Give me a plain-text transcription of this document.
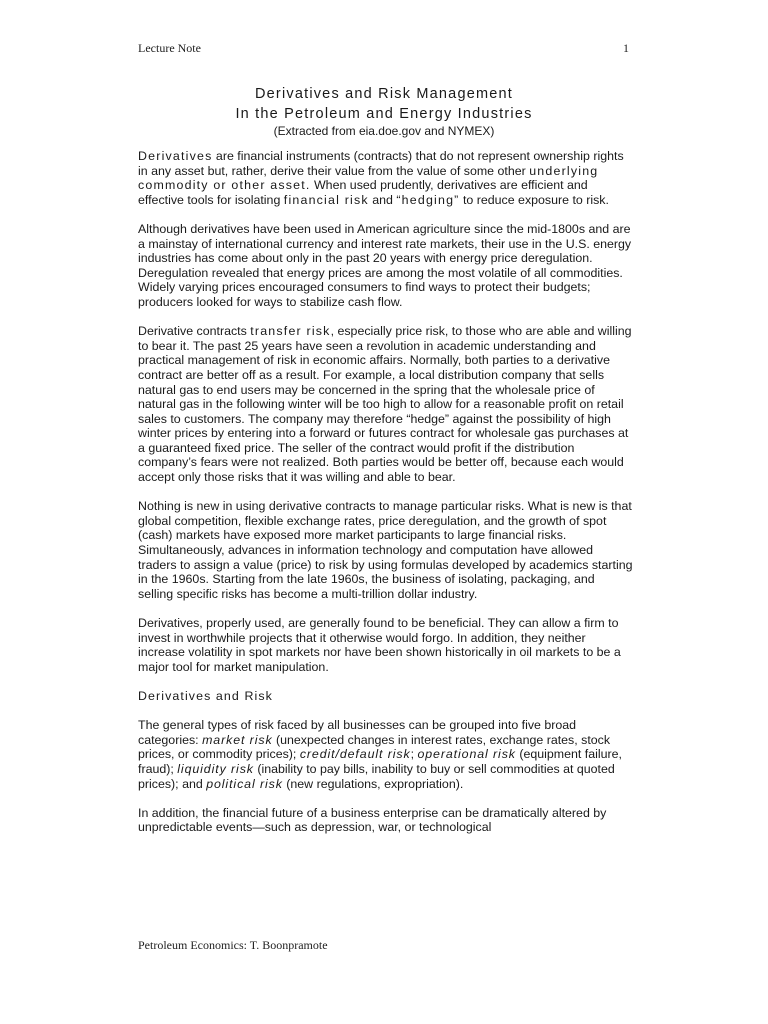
Lecture Note	1
Derivatives and Risk Management
In the Petroleum and Energy Industries
(Extracted from eia.doe.gov and NYMEX)

Derivatives are financial instruments (contracts) that do not represent ownership rights in any asset but, rather, derive their value from the value of some other underlying commodity or other asset. When used prudently, derivatives are efficient and effective tools for isolating financial risk and “hedging” to reduce exposure to risk.

Although derivatives have been used in American agriculture since the mid-1800s and are a mainstay of international currency and interest rate markets, their use in the U.S. energy industries has come about only in the past 20 years with energy price deregulation. Deregulation revealed that energy prices are among the most volatile of all commodities. Widely varying prices encouraged consumers to find ways to protect their budgets; producers looked for ways to stabilize cash flow.

Derivative contracts transfer risk, especially price risk, to those who are able and willing to bear it. The past 25 years have seen a revolution in academic understanding and practical management of risk in economic affairs. Normally, both parties to a derivative contract are better off as a result. For example, a local distribution company that sells natural gas to end users may be concerned in the spring that the wholesale price of natural gas in the following winter will be too high to allow for a reasonable profit on retail sales to customers. The company may therefore “hedge” against the possibility of high winter prices by entering into a forward or futures contract for wholesale gas purchases at a guaranteed fixed price. The seller of the contract would profit if the distribution company’s fears were not realized. Both parties would be better off, because each would accept only those risks that it was willing and able to bear.

Nothing is new in using derivative contracts to manage particular risks. What is new is that global competition, flexible exchange rates, price deregulation, and the growth of spot (cash) markets have exposed more market participants to large financial risks. Simultaneously, advances in information technology and computation have allowed traders to assign a value (price) to risk by using formulas developed by academics starting in the 1960s. Starting from the late 1960s, the business of isolating, packaging, and selling specific risks has become a multi-trillion dollar industry.

Derivatives, properly used, are generally found to be beneficial. They can allow a firm to invest in worthwhile projects that it otherwise would forgo. In addition, they neither increase volatility in spot markets nor have been shown historically in oil markets to be a major tool for market manipulation.

Derivatives and Risk

The general types of risk faced by all businesses can be grouped into five broad categories: market risk (unexpected changes in interest rates, exchange rates, stock prices, or commodity prices); credit/default risk; operational risk (equipment failure, fraud); liquidity risk (inability to pay bills, inability to buy or sell commodities at quoted prices); and political risk (new regulations, expropriation).

In addition, the financial future of a business enterprise can be dramatically altered by unpredictable events—such as depression, war, or technological

Petroleum Economics: T. Boonpramote
